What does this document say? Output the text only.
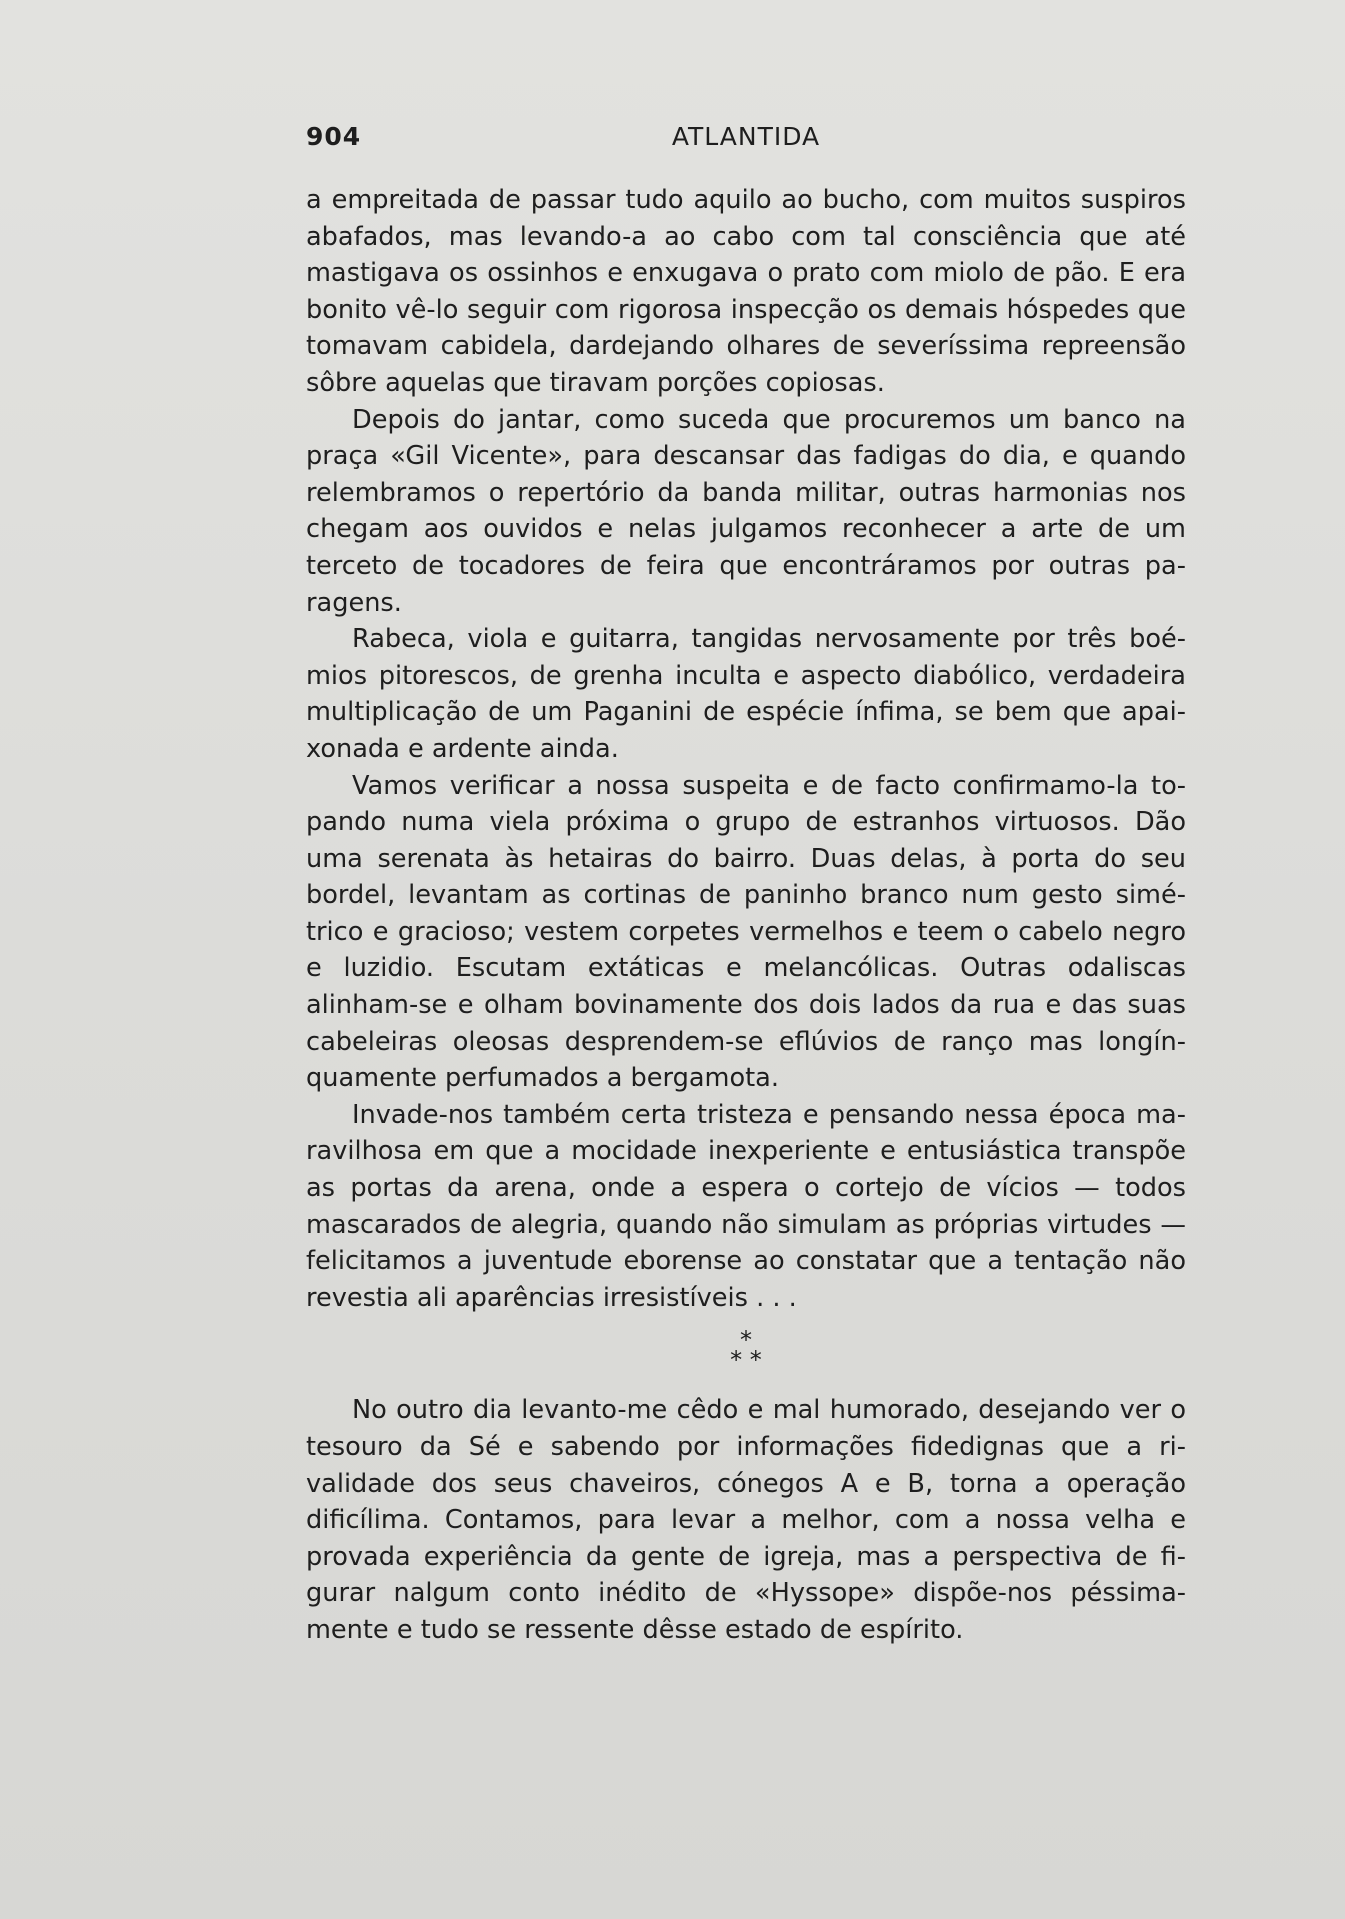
904	ATLANTIDA

a empreitada de passar tudo aquilo ao bucho, com muitos suspiros abafados, mas levando-a ao cabo com tal consciência que até mastigava os ossinhos e enxugava o prato com miolo de pão. E era bonito vê-lo seguir com rigorosa inspecção os demais hóspedes que tomavam cabidela, dardejando olhares de severíssima repreensão sôbre aquelas que tiravam porções copiosas.

Depois do jantar, como suceda que procuremos um banco na praça «Gil Vicente», para descansar das fadigas do dia, e quando relembramos o repertório da banda militar, outras harmonias nos chegam aos ouvidos e nelas julgamos reconhecer a arte de um terceto de tocadores de feira que encontráramos por outras paragens.

Rabeca, viola e guitarra, tangidas nervosamente por três boémios pitorescos, de grenha inculta e aspecto diabólico, verdadeira multiplicação de um Paganini de espécie ínfima, se bem que apaixonada e ardente ainda.

Vamos verificar a nossa suspeita e de facto confirmamo-la topando numa viela próxima o grupo de estranhos virtuosos. Dão uma serenata às hetairas do bairro. Duas delas, à porta do seu bordel, levantam as cortinas de paninho branco num gesto simétrico e gracioso; vestem corpetes vermelhos e teem o cabelo negro e luzidio. Escutam extáticas e melancólicas. Outras odaliscas alinham-se e olham bovinamente dos dois lados da rua e das suas cabeleiras oleosas desprendem-se eflúvios de ranço mas longínquamente perfumados a bergamota.

Invade-nos também certa tristeza e pensando nessa época maravilhosa em que a mocidade inexperiente e entusiástica transpõe as portas da arena, onde a espera o cortejo de vícios — todos mascarados de alegria, quando não simulam as próprias virtudes — felicitamos a juventude eborense ao constatar que a tentação não revestia ali aparências irresistíveis . . .

*
* *

No outro dia levanto-me cêdo e mal humorado, desejando ver o tesouro da Sé e sabendo por informações fidedignas que a rivalidade dos seus chaveiros, cónegos A e B, torna a operação dificílima. Contamos, para levar a melhor, com a nossa velha e provada experiência da gente de igreja, mas a perspectiva de figurar nalgum conto inédito de «Hyssope» dispõe-nos péssimamente e tudo se ressente dêsse estado de espírito.
